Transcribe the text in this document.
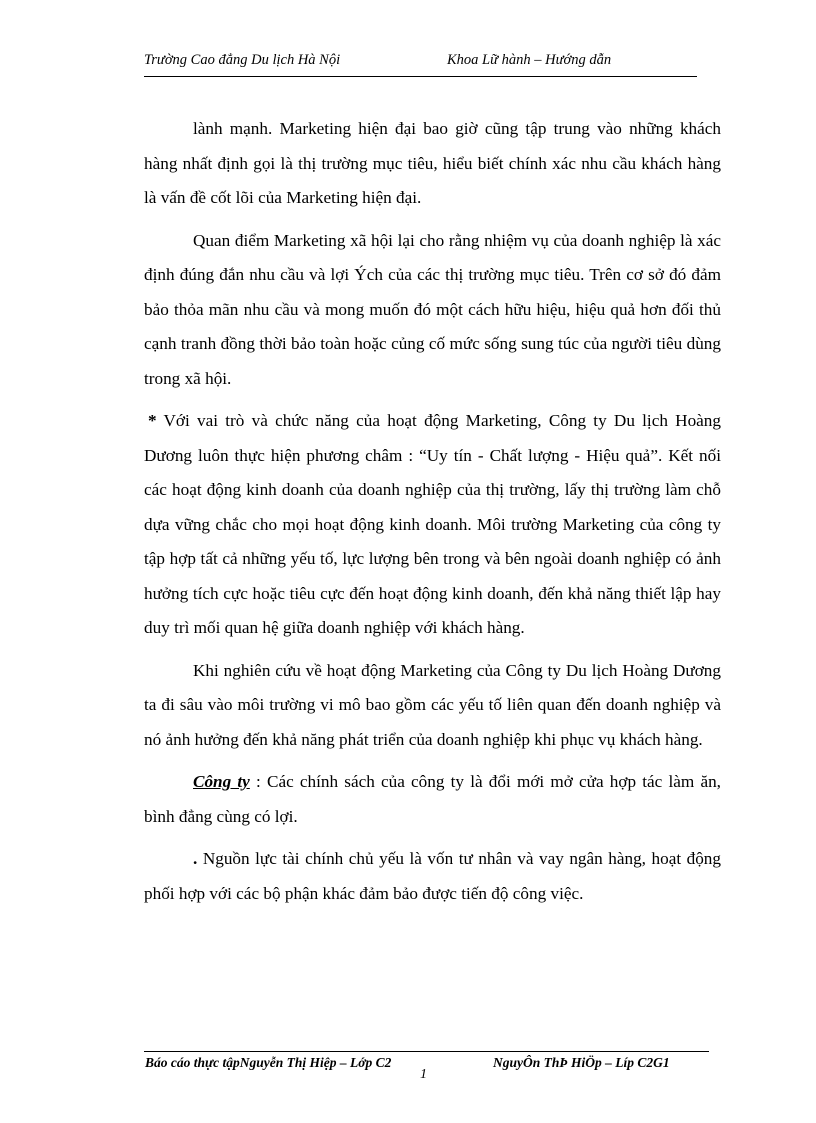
Trường Cao đẳng Du lịch Hà Nội	Khoa Lữ hành – Hướng dẫn

lành mạnh. Marketing hiện đại bao giờ cũng tập trung vào những khách hàng nhất định gọi là thị trường mục tiêu, hiểu biết chính xác nhu cầu khách hàng là vấn đề cốt lõi của Marketing hiện đại.

Quan điểm Marketing xã hội lại cho rằng nhiệm vụ của doanh nghiệp là xác định đúng đắn nhu cầu và lợi Ých của các thị trường mục tiêu. Trên cơ sở đó đảm bảo thỏa mãn nhu cầu và mong muốn đó một cách hữu hiệu, hiệu quả hơn đối thủ cạnh tranh đồng thời bảo toàn hoặc củng cố mức sống sung túc của người tiêu dùng trong xã hội.

* Với vai trò và chức năng của hoạt động Marketing, Công ty Du lịch Hoàng Dương luôn thực hiện phương châm : “Uy tín - Chất lượng - Hiệu quả”. Kết nối các hoạt động kinh doanh của doanh nghiệp của thị trường, lấy thị trường làm chỗ dựa vững chắc cho mọi hoạt động kinh doanh. Môi trường Marketing của công ty tập hợp tất cả những yếu tố, lực lượng bên trong và bên ngoài doanh nghiệp có ảnh hưởng tích cực hoặc tiêu cực đến hoạt động kinh doanh, đến khả năng thiết lập hay duy trì mối quan hệ giữa doanh nghiệp với khách hàng.

Khi nghiên cứu về hoạt động Marketing của Công ty Du lịch Hoàng Dương ta đi sâu vào môi trường vi mô bao gồm các yếu tố liên quan đến doanh nghiệp và nó ảnh hưởng đến khả năng phát triển của doanh nghiệp khi phục vụ khách hàng.

Công ty : Các chính sách của công ty là đổi mới mở cửa hợp tác làm ăn, bình đẳng cùng có lợi.

. Nguồn lực tài chính chủ yếu là vốn tư nhân và vay ngân hàng, hoạt động phối hợp với các bộ phận khác đảm bảo được tiến độ công việc.

Báo cáo thực tậpNguyễn Thị Hiệp – Lớp C2	NguyÔn ThÞ HiÖp – Líp C2G1
1
